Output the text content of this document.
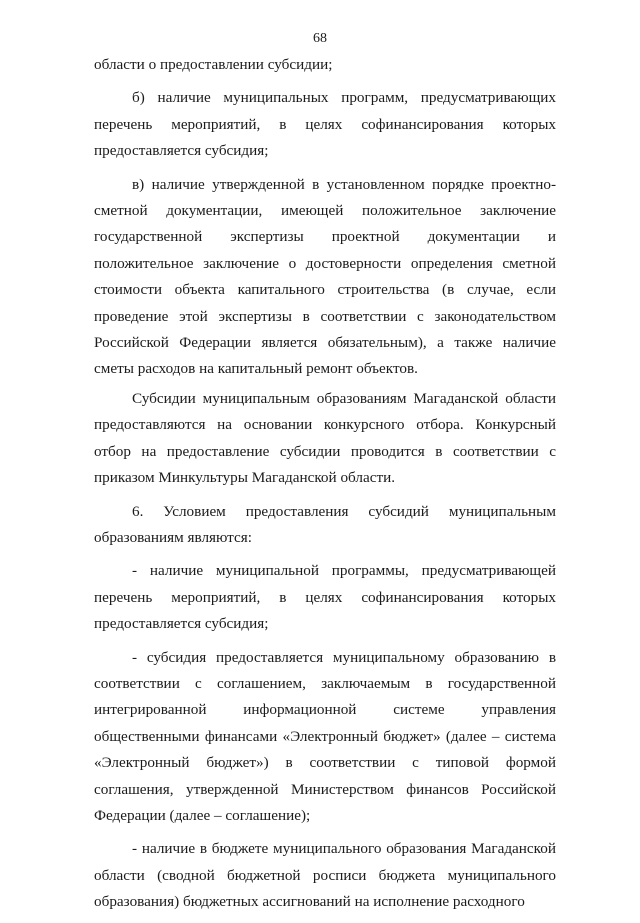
68

области о предоставлении субсидии;

б) наличие муниципальных программ, предусматривающих перечень мероприятий, в целях софинансирования которых предоставляется субсидия;

в) наличие утвержденной в установленном порядке проектно-сметной документации, имеющей положительное заключение государственной экспертизы проектной документации и положительное заключение о достоверности определения сметной стоимости объекта капитального строительства (в случае, если проведение этой экспертизы в соответствии с законодательством Российской Федерации является обязательным), а также наличие сметы расходов на капитальный ремонт объектов.

Субсидии муниципальным образованиям Магаданской области предоставляются на основании конкурсного отбора. Конкурсный отбор на предоставление субсидии проводится в соответствии с приказом Минкультуры Магаданской области.

6. Условием предоставления субсидий муниципальным образованиям являются:

- наличие муниципальной программы, предусматривающей перечень мероприятий, в целях софинансирования которых предоставляется субсидия;

- субсидия предоставляется муниципальному образованию в соответствии с соглашением, заключаемым в государственной интегрированной информационной системе управления общественными финансами «Электронный бюджет» (далее – система «Электронный бюджет») в соответствии с типовой формой соглашения, утвержденной Министерством финансов Российской Федерации (далее – соглашение);

- наличие в бюджете муниципального образования Магаданской области (сводной бюджетной росписи бюджета муниципального образования) бюджетных ассигнований на исполнение расходного
